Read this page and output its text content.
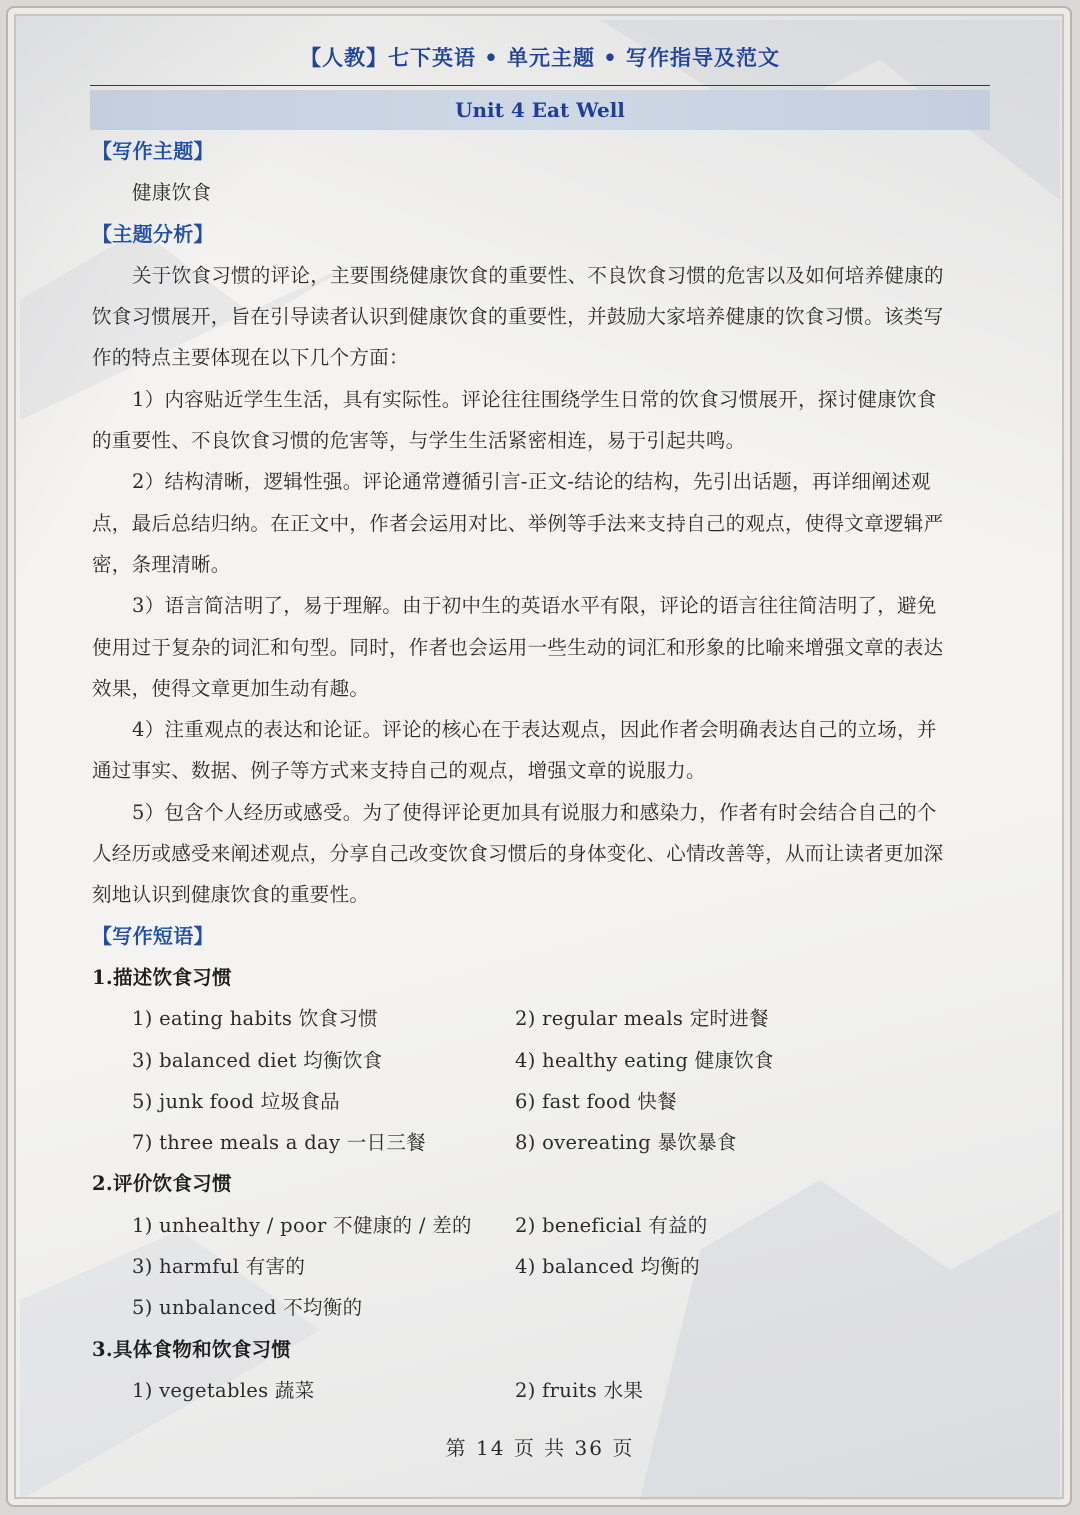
【人教】七下英语 • 单元主题 • 写作指导及范文
Unit 4 Eat Well
【写作主题】
健康饮食
【主题分析】
关于饮食习惯的评论，主要围绕健康饮食的重要性、不良饮食习惯的危害以及如何培养健康的
饮食习惯展开，旨在引导读者认识到健康饮食的重要性，并鼓励大家培养健康的饮食习惯。该类写
作的特点主要体现在以下几个方面：
1）内容贴近学生生活，具有实际性。评论往往围绕学生日常的饮食习惯展开，探讨健康饮食
的重要性、不良饮食习惯的危害等，与学生生活紧密相连，易于引起共鸣。
2）结构清晰，逻辑性强。评论通常遵循引言-正文-结论的结构，先引出话题，再详细阐述观
点，最后总结归纳。在正文中，作者会运用对比、举例等手法来支持自己的观点，使得文章逻辑严
密，条理清晰。
3）语言简洁明了，易于理解。由于初中生的英语水平有限，评论的语言往往简洁明了，避免
使用过于复杂的词汇和句型。同时，作者也会运用一些生动的词汇和形象的比喻来增强文章的表达
效果，使得文章更加生动有趣。
4）注重观点的表达和论证。评论的核心在于表达观点，因此作者会明确表达自己的立场，并
通过事实、数据、例子等方式来支持自己的观点，增强文章的说服力。
5）包含个人经历或感受。为了使得评论更加具有说服力和感染力，作者有时会结合自己的个
人经历或感受来阐述观点，分享自己改变饮食习惯后的身体变化、心情改善等，从而让读者更加深
刻地认识到健康饮食的重要性。
【写作短语】
1.描述饮食习惯
1) eating habits 饮食习惯	2) regular meals 定时进餐
3) balanced diet 均衡饮食	4) healthy eating 健康饮食
5) junk food 垃圾食品	6) fast food 快餐
7) three meals a day 一日三餐	8) overeating 暴饮暴食
2.评价饮食习惯
1) unhealthy / poor 不健康的 / 差的 2) beneficial 有益的
3) harmful 有害的	4) balanced 均衡的
5) unbalanced 不均衡的
3.具体食物和饮食习惯
1) vegetables 蔬菜	2) fruits 水果
第 14 页 共 36 页
